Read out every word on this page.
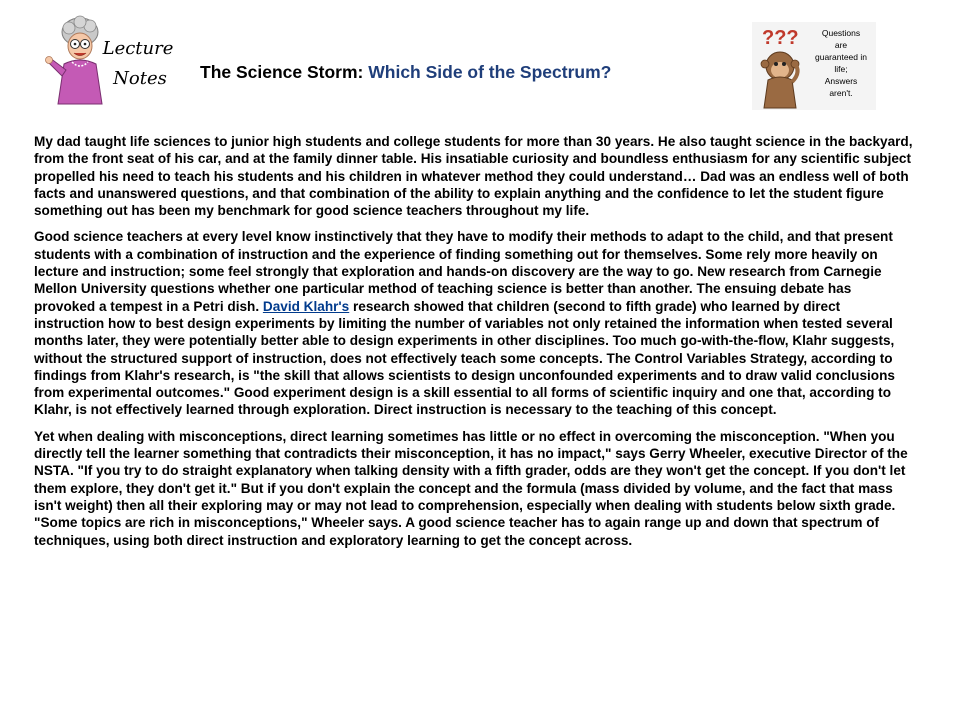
Lecture
Notes The Science Storm: Which Side of the Spectrum?
???	Questions
are
guaranteed in
life;
Answers
aren't.

My dad taught life sciences to junior high students and college students for more than 30 years. He also taught science in the backyard, from the front seat of his car, and at the family dinner table. His insatiable curiosity and boundless enthusiasm for any scientific subject propelled his need to teach his students and his children in whatever method they could understand… Dad was an endless well of both facts and unanswered questions, and that combination of the ability to explain anything and the confidence to let the student figure something out has been my benchmark for good science teachers throughout my life.

Good science teachers at every level know instinctively that they have to modify their methods to adapt to the child, and that present students with a combination of instruction and the experience of finding something out for themselves. Some rely more heavily on lecture and instruction; some feel strongly that exploration and hands-on discovery are the way to go. New research from Carnegie Mellon University questions whether one particular method of teaching science is better than another. The ensuing debate has provoked a tempest in a Petri dish. David Klahr's research showed that children (second to fifth grade) who learned by direct instruction how to best design experiments by limiting the number of variables not only retained the information when tested several months later, they were potentially better able to design experiments in other disciplines. Too much go-with-the-flow, Klahr suggests, without the structured support of instruction, does not effectively teach some concepts. The Control Variables Strategy, according to findings from Klahr's research, is "the skill that allows scientists to design unconfounded experiments and to draw valid conclusions from experimental outcomes." Good experiment design is a skill essential to all forms of scientific inquiry and one that, according to Klahr, is not effectively learned through exploration. Direct instruction is necessary to the teaching of this concept.

Yet when dealing with misconceptions, direct learning sometimes has little or no effect in overcoming the misconception. "When you directly tell the learner something that contradicts their misconception, it has no impact," says Gerry Wheeler, executive Director of the NSTA. "If you try to do straight explanatory when talking density with a fifth grader, odds are they won't get the concept. If you don't let them explore, they don't get it." But if you don't explain the concept and the formula (mass divided by volume, and the fact that mass isn't weight) then all their exploring may or may not lead to comprehension, especially when dealing with students below sixth grade. "Some topics are rich in misconceptions," Wheeler says. A good science teacher has to again range up and down that spectrum of techniques, using both direct instruction and exploratory learning to get the concept across.
